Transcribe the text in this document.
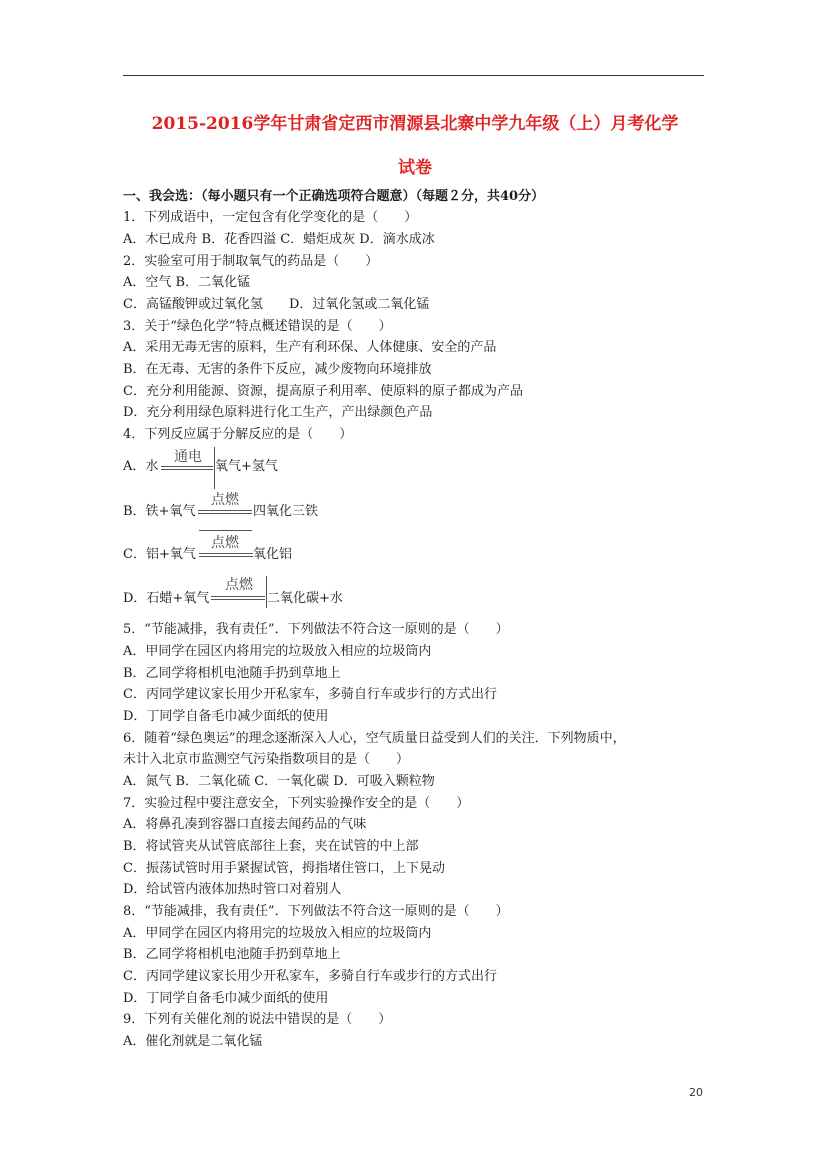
2015-2016学年甘肃省定西市渭源县北寨中学九年级（上）月考化学
试卷
一、我会选：（每小题只有一个正确选项符合题意）（每题２分，共40分）
1．下列成语中，一定包含有化学变化的是（　　）
A．木已成舟 B．花香四溢 C．蜡炬成灰 D．滴水成冰
2．实验室可用于制取氧气的药品是（　　）
A．空气 B．二氧化锰
C．高锰酸钾或过氧化氢　　D．过氧化氢或二氧化锰
3．关于“绿色化学”特点概述错误的是（　　）
A．采用无毒无害的原料，生产有利环保、人体健康、安全的产品
B．在无毒、无害的条件下反应，减少废物向环境排放
C．充分利用能源、资源，提高原子利用率、使原料的原子都成为产品
D．充分利用绿色原料进行化工生产，产出绿颜色产品
4．下列反应属于分解反应的是（　　）
A．水	氧气+氢气
通电
B．铁+氧气	四氧化三铁
点燃
C．铝+氧气	氧化铝
点燃
D．石蜡+氧气	二氧化碳+水
点燃
5．“节能减排，我有责任”．下列做法不符合这一原则的是（　　）
A．甲同学在园区内将用完的垃圾放入相应的垃圾筒内
B．乙同学将相机电池随手扔到草地上
C．丙同学建议家长用少开私家车，多骑自行车或步行的方式出行
D．丁同学自备毛巾减少面纸的使用
6．随着“绿色奥运”的理念逐渐深入人心，空气质量日益受到人们的关注．下列物质中，
未计入北京市监测空气污染指数项目的是（　　）
A．氮气 B．二氧化硫 C．一氧化碳 D．可吸入颗粒物
7．实验过程中要注意安全，下列实验操作安全的是（　　）
A．将鼻孔凑到容器口直接去闻药品的气味
B．将试管夹从试管底部往上套，夹在试管的中上部
C．振荡试管时用手紧握试管，拇指堵住管口，上下晃动
D．给试管内液体加热时管口对着别人
8．“节能减排，我有责任”．下列做法不符合这一原则的是（　　）
A．甲同学在园区内将用完的垃圾放入相应的垃圾筒内
B．乙同学将相机电池随手扔到草地上
C．丙同学建议家长用少开私家车，多骑自行车或步行的方式出行
D．丁同学自备毛巾减少面纸的使用
9．下列有关催化剂的说法中错误的是（　　）
A．催化剂就是二氧化锰
20
